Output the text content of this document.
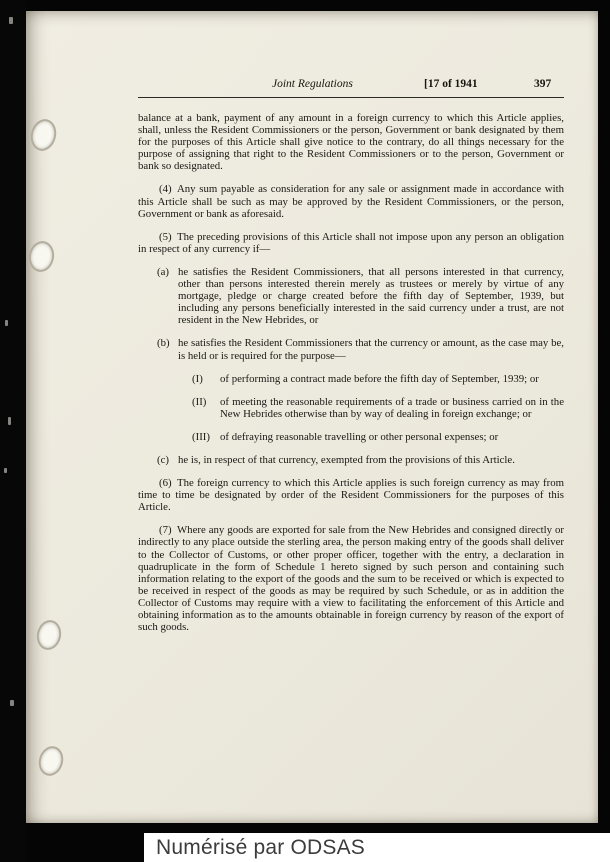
Joint Regulations	[17 of 1941	397

balance at a bank, payment of any amount in a foreign currency to which this Article applies, shall, unless the Resident Commissioners or the person, Government or bank designated by them for the purposes of this Article shall give notice to the contrary, do all things necessary for the purpose of assigning that right to the Resident Commissioners or to the person, Government or bank so designated.

(4) Any sum payable as consideration for any sale or assignment made in accordance with this Article shall be such as may be approved by the Resident Commissioners, or the person, Government or bank as aforesaid.

(5) The preceding provisions of this Article shall not impose upon any person an obligation in respect of any currency if—

(a) he satisfies the Resident Commissioners, that all persons interested in that currency, other than persons interested therein merely as trustees or merely by virtue of any mortgage, pledge or charge created before the fifth day of September, 1939, but including any persons beneficially interested in the said currency under a trust, are not resident in the New Hebrides, or
(b) he satisfies the Resident Commissioners that the currency or amount, as the case may be, is held or is required for the purpose—
(I) of performing a contract made before the fifth day of September, 1939; or
(II) of meeting the reasonable requirements of a trade or business carried on in the New Hebrides otherwise than by way of dealing in foreign exchange; or
(III) of defraying reasonable travelling or other personal expenses; or
(c) he is, in respect of that currency, exempted from the provisions of this Article.

(6) The foreign currency to which this Article applies is such foreign currency as may from time to time be designated by order of the Resident Commissioners for the purposes of this Article.

(7) Where any goods are exported for sale from the New Hebrides and consigned directly or indirectly to any place outside the sterling area, the person making entry of the goods shall deliver to the Collector of Customs, or other proper officer, together with the entry, a declaration in quadruplicate in the form of Schedule 1 hereto signed by such person and containing such information relating to the export of the goods and the sum to be received or which is expected to be received in respect of the goods as may be required by such Schedule, or as in addition the Collector of Customs may require with a view to facilitating the enforcement of this Article and obtaining information as to the amounts obtainable in foreign currency by reason of the export of such goods.

Numérisé par ODSAS
